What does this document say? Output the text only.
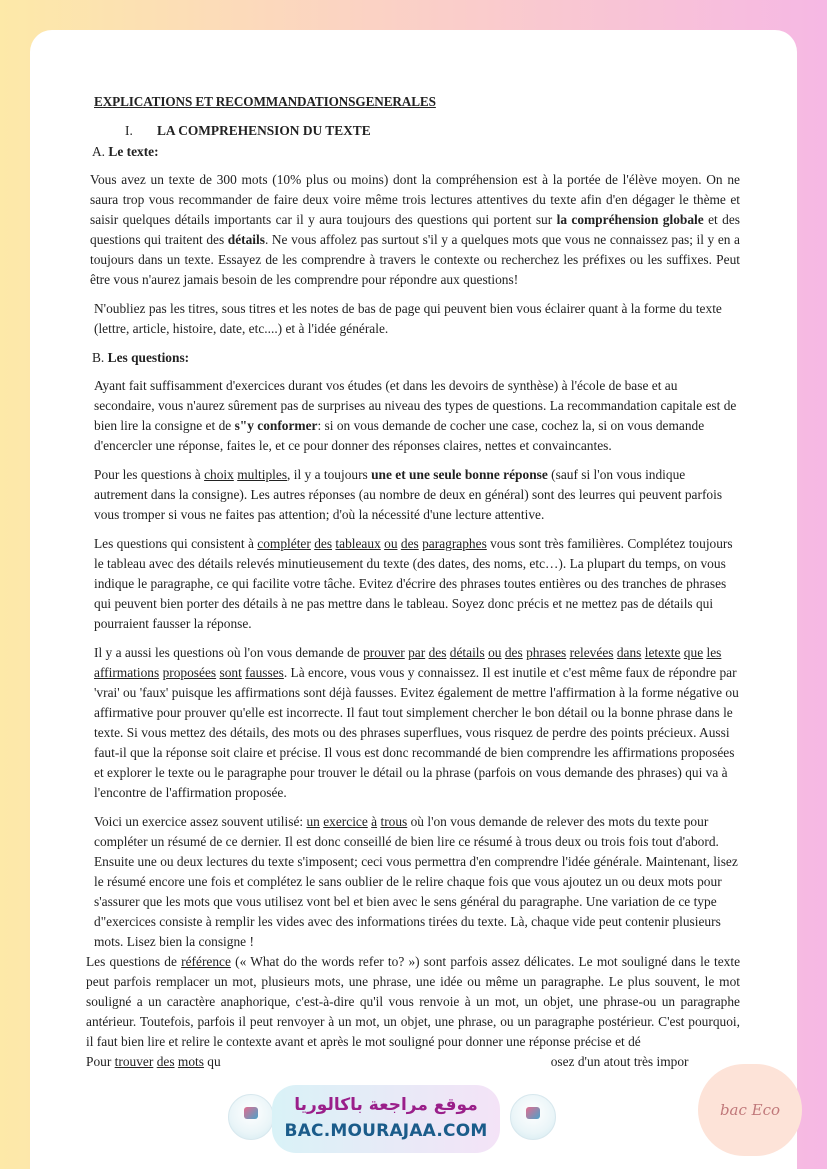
EXPLICATIONS ET RECOMMANDATIONSGENERALES
I. LA COMPREHENSION DU TEXTE
A. Le texte:

Vous avez un texte de 300 mots (10% plus ou moins) dont la compréhension est à la portée de l'élève moyen. On ne saura trop vous recommander de faire deux voire même trois lectures attentives du texte afin d'en dégager le thème et saisir quelques détails importants car il y aura toujours des questions qui portent sur la compréhension globale et des questions qui traitent des détails. Ne vous affolez pas surtout s'il y a quelques mots que vous ne connaissez pas; il y en a toujours dans un texte. Essayez de les comprendre à travers le contexte ou recherchez les préfixes ou les suffixes. Peut être vous n'aurez jamais besoin de les comprendre pour répondre aux questions!

N'oubliez pas les titres, sous titres et les notes de bas de page qui peuvent bien vous éclairer quant à la forme du texte (lettre, article, histoire, date, etc....) et à l'idée générale.

B. Les questions:

Ayant fait suffisamment d'exercices durant vos études (et dans les devoirs de synthèse) à l'école de base et au secondaire, vous n'aurez sûrement pas de surprises au niveau des types de questions. La recommandation capitale est de bien lire la consigne et de s"y conformer: si on vous demande de cocher une case, cochez la, si on vous demande d'encercler une réponse, faites le, et ce pour donner des réponses claires, nettes et convaincantes.

Pour les questions à choix multiples, il y a toujours une et une seule bonne réponse (sauf si l'on vous indique autrement dans la consigne). Les autres réponses (au nombre de deux en général) sont des leurres qui peuvent parfois vous tromper si vous ne faites pas attention; d'où la nécessité d'une lecture attentive.

Les questions qui consistent à compléter des tableaux ou des paragraphes vous sont très familières. Complétez toujours le tableau avec des détails relevés minutieusement du texte (des dates, des noms, etc…). La plupart du temps, on vous indique le paragraphe, ce qui facilite votre tâche. Evitez d'écrire des phrases toutes entières ou des tranches de phrases qui peuvent bien porter des détails à ne pas mettre dans le tableau. Soyez donc précis et ne mettez pas de détails qui pourraient fausser la réponse.

Il y a aussi les questions où l'on vous demande de prouver par des détails ou des phrases relevées dans letexte que les affirmations proposées sont fausses. Là encore, vous vous y connaissez. Il est inutile et c'est même faux de répondre par 'vrai' ou 'faux' puisque les affirmations sont déjà fausses. Evitez également de mettre l'affirmation à la forme négative ou affirmative pour prouver qu'elle est incorrecte. Il faut tout simplement chercher le bon détail ou la bonne phrase dans le texte. Si vous mettez des détails, des mots ou des phrases superflues, vous risquez de perdre des points précieux. Aussi faut-il que la réponse soit claire et précise. Il vous est donc recommandé de bien comprendre les affirmations proposées et explorer le texte ou le paragraphe pour trouver le détail ou la phrase (parfois on vous demande des phrases) qui va à l'encontre de l'affirmation proposée.

Voici un exercice assez souvent utilisé: un exercice à trous où l'on vous demande de relever des mots du texte pour compléter un résumé de ce dernier. Il est donc conseillé de bien lire ce résumé à trous deux ou trois fois tout d'abord. Ensuite une ou deux lectures du texte s'imposent; ceci vous permettra d'en comprendre l'idée générale. Maintenant, lisez le résumé encore une fois et complétez le sans oublier de le relire chaque fois que vous ajoutez un ou deux mots pour s'assurer que les mots que vous utilisez vont bel et bien avec le sens général du paragraphe. Une variation de ce type d"exercices consiste à remplir les vides avec des informations tirées du texte. Là, chaque vide peut contenir plusieurs mots. Lisez bien la consigne !

Les questions de référence (« What do the words refer to? ») sont parfois assez délicates. Le mot souligné dans le texte peut parfois remplacer un mot, plusieurs mots, une phrase, une idée ou même un paragraphe. Le plus souvent, le mot souligné a un caractère anaphorique, c'est-à-dire qu'il vous renvoie à un mot, un objet, une phrase-ou un paragraphe antérieur. Toutefois, parfois il peut renvoyer à un mot, un objet, une phrase, ou un paragraphe postérieur. C'est pourquoi, il faut bien lire et relire le contexte avant et après le mot souligné pour donner une réponse précise et dé

Pour trouver des mots qu	osez d'un atout très impor

موقع مراجعة باكالوريا
BAC.MOURAJAA.COM
bac Eco
